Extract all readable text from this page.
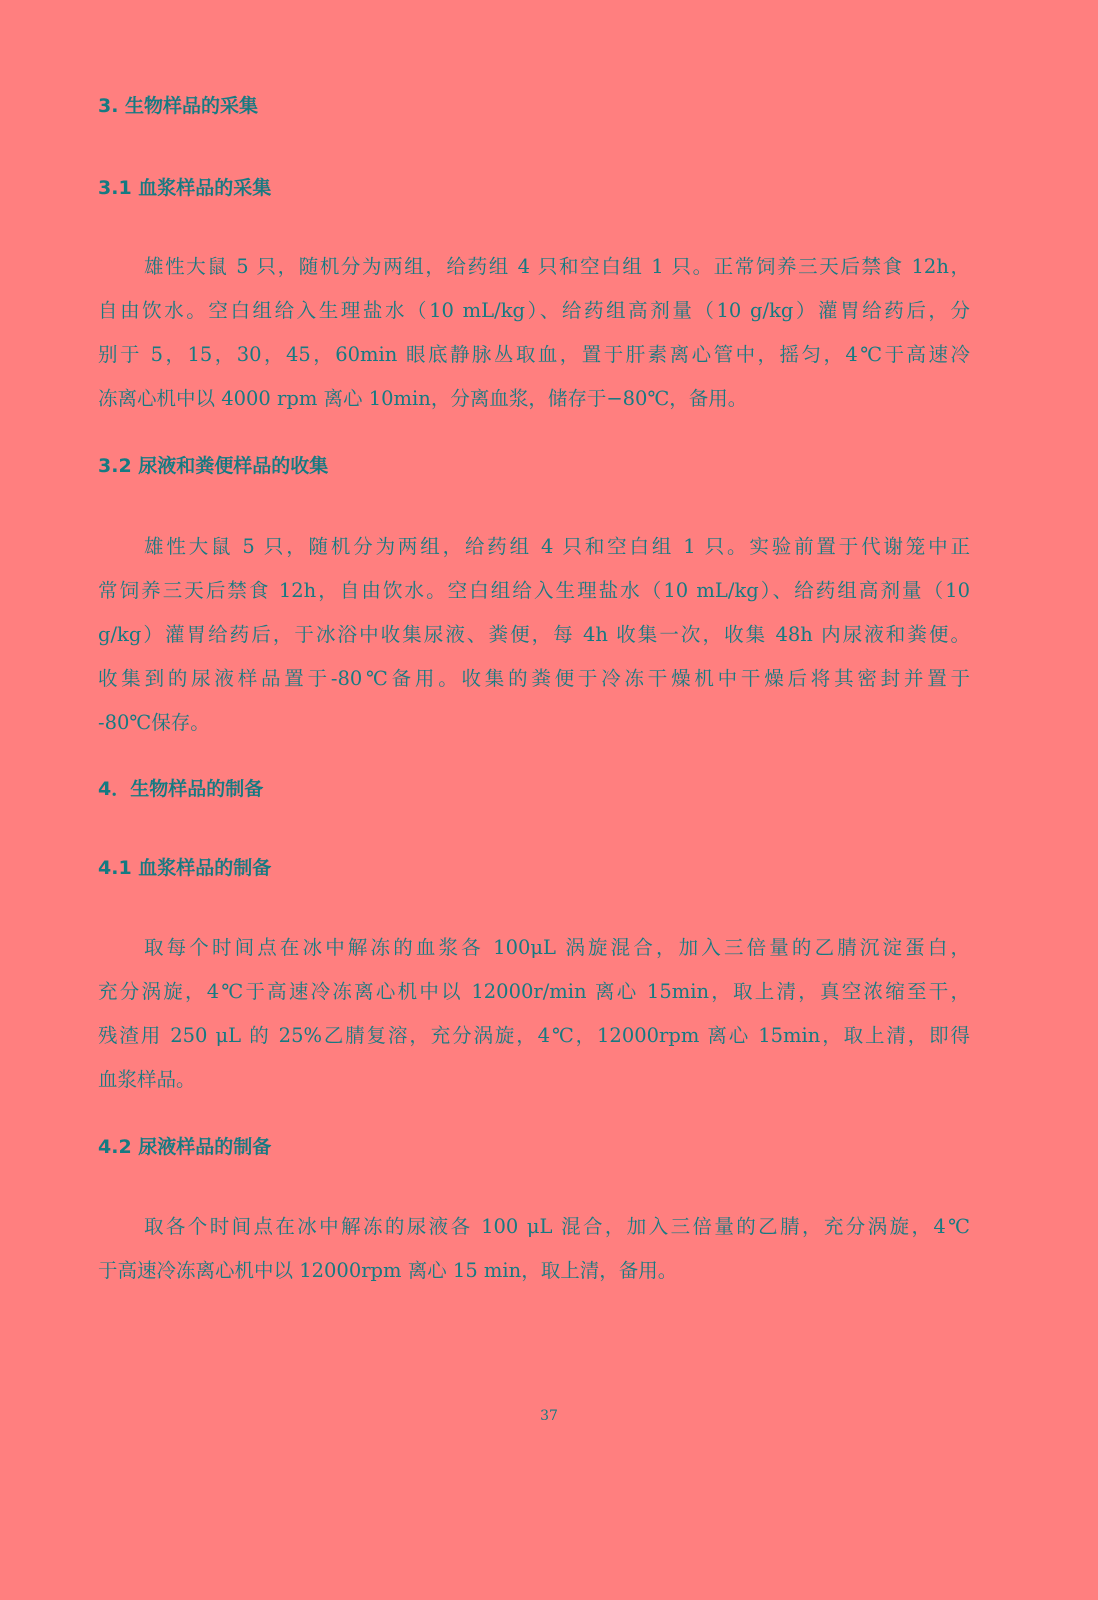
3. 生物样品的采集
3.1 血浆样品的采集
雄性大鼠 5 只，随机分为两组，给药组 4 只和空白组 1 只。正常饲养三天后禁食 12h，
自由饮水。空白组给入生理盐水（10 mL/kg）、给药组高剂量（10 g/kg）灌胃给药后，分
别于 5，15，30，45，60min 眼底静脉丛取血，置于肝素离心管中，摇匀，4℃于高速冷
冻离心机中以 4000 rpm 离心 10min，分离血浆，储存于−80℃，备用。
3.2 尿液和粪便样品的收集
雄性大鼠 5 只，随机分为两组，给药组 4 只和空白组 1 只。实验前置于代谢笼中正
常饲养三天后禁食 12h，自由饮水。空白组给入生理盐水（10 mL/kg）、给药组高剂量（10
g/kg）灌胃给药后，于冰浴中收集尿液、粪便，每 4h 收集一次，收集 48h 内尿液和粪便。
收集到的尿液样品置于-80℃备用。收集的粪便于冷冻干燥机中干燥后将其密封并置于
-80℃保存。
4．生物样品的制备
4.1 血浆样品的制备
取每个时间点在冰中解冻的血浆各 100μL 涡旋混合，加入三倍量的乙腈沉淀蛋白，
充分涡旋，4℃于高速冷冻离心机中以 12000r/min 离心 15min，取上清，真空浓缩至干，
残渣用 250 μL 的 25%乙腈复溶，充分涡旋，4℃，12000rpm 离心 15min，取上清，即得
血浆样品。
4.2 尿液样品的制备
取各个时间点在冰中解冻的尿液各 100 μL 混合，加入三倍量的乙腈，充分涡旋，4℃
于高速冷冻离心机中以 12000rpm 离心 15 min，取上清，备用。
37
